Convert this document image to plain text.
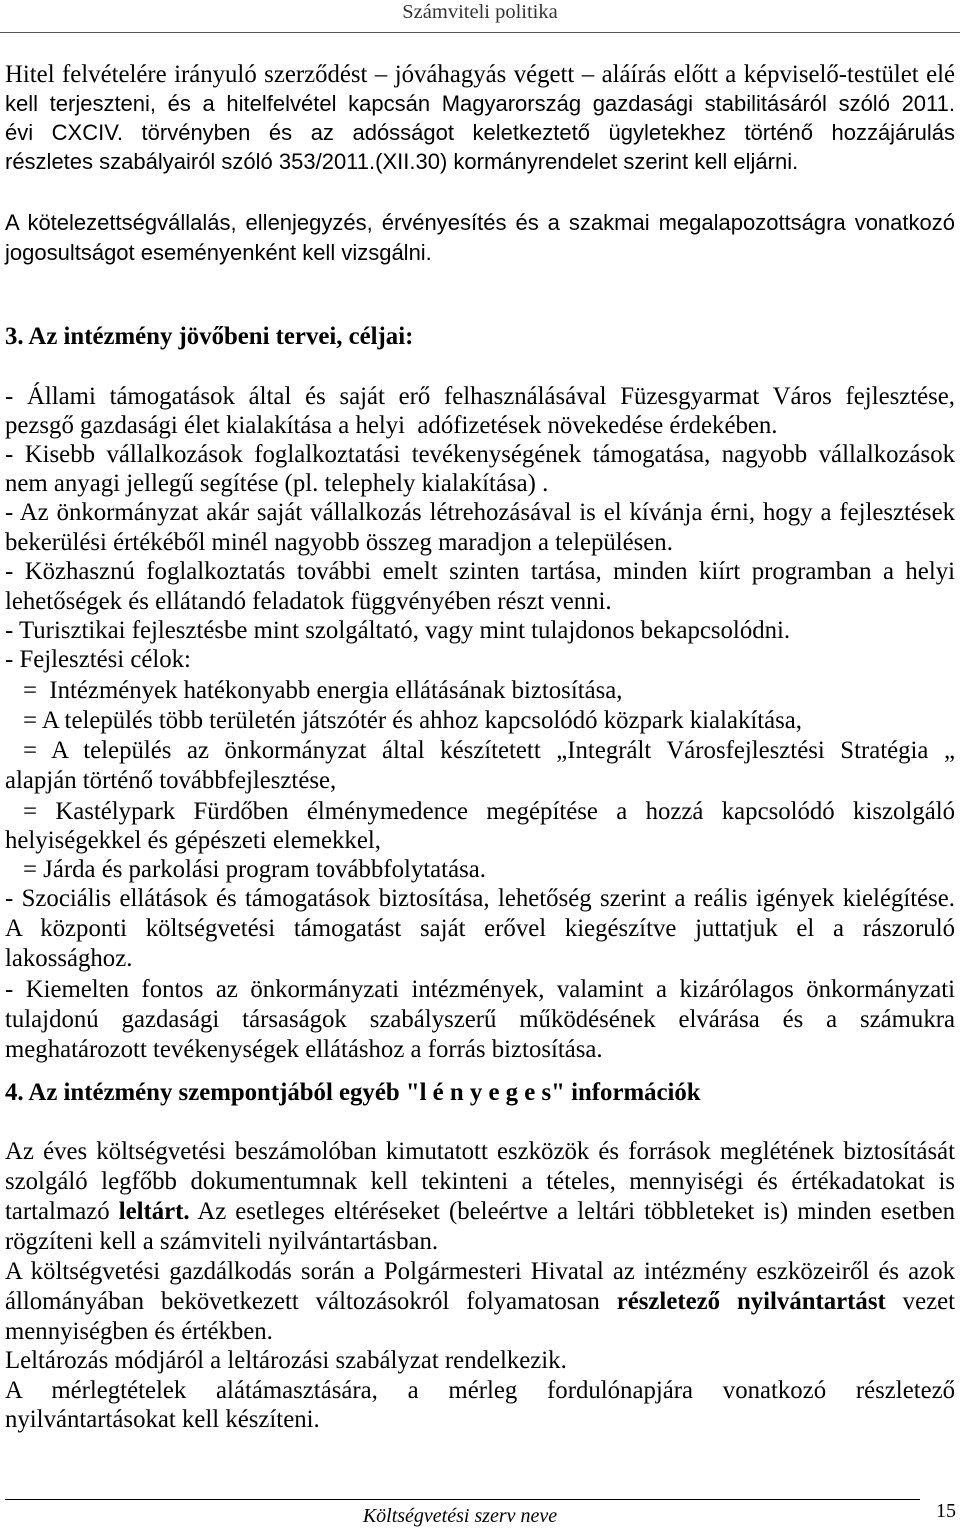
Számviteli politika
Hitel felvételére irányuló szerződést – jóváhagyás végett – aláírás előtt a képviselő-testület elé
kell terjeszteni, és a hitelfelvétel kapcsán Magyarország gazdasági stabilitásáról szóló 2011.
évi CXCIV. törvényben és az adósságot keletkeztető ügyletekhez történő hozzájárulás
részletes szabályairól szóló 353/2011.(XII.30) kormányrendelet szerint kell eljárni.
A kötelezettségvállalás, ellenjegyzés, érvényesítés és a szakmai megalapozottságra vonatkozó
jogosultságot eseményenként kell vizsgálni.
3. Az intézmény jövőbeni tervei, céljai:
- Állami támogatások által és saját erő felhasználásával Füzesgyarmat Város fejlesztése,
pezsgő gazdasági élet kialakítása a helyi  adófizetések növekedése érdekében.
- Kisebb vállalkozások foglalkoztatási tevékenységének támogatása, nagyobb vállalkozások
nem anyagi jellegű segítése (pl. telephely kialakítása) .
- Az önkormányzat akár saját vállalkozás létrehozásával is el kívánja érni, hogy a fejlesztések
bekerülési értékéből minél nagyobb összeg maradjon a településen.
- Közhasznú foglalkoztatás további emelt szinten tartása, minden kiírt programban a helyi
lehetőségek és ellátandó feladatok függvényében részt venni.
- Turisztikai fejlesztésbe mint szolgáltató, vagy mint tulajdonos bekapcsolódni.
- Fejlesztési célok:
=  Intézmények hatékonyabb energia ellátásának biztosítása,
= A település több területén játszótér és ahhoz kapcsolódó közpark kialakítása,
= A település az önkormányzat által készítetett „Integrált Városfejlesztési Stratégia „
alapján történő továbbfejlesztése,
= Kastélypark Fürdőben élménymedence megépítése a hozzá kapcsolódó kiszolgáló
helyiségekkel és gépészeti elemekkel,
= Járda és parkolási program továbbfolytatása.
- Szociális ellátások és támogatások biztosítása, lehetőség szerint a reális igények kielégítése.
A központi költségvetési támogatást saját erővel kiegészítve juttatjuk el a rászoruló
lakossághoz.
- Kiemelten fontos az önkormányzati intézmények, valamint a kizárólagos önkormányzati
tulajdonú gazdasági társaságok szabályszerű működésének elvárása és a számukra
meghatározott tevékenységek ellátáshoz a forrás biztosítása.
4. Az intézmény szempontjából egyéb "l é n y e g e s" információk
Az éves költségvetési beszámolóban kimutatott eszközök és források meglétének biztosítását
szolgáló legfőbb dokumentumnak kell tekinteni a tételes, mennyiségi és értékadatokat is
tartalmazó leltárt. Az esetleges eltéréseket (beleértve a leltári többleteket is) minden esetben
rögzíteni kell a számviteli nyilvántartásban.
A költségvetési gazdálkodás során a Polgármesteri Hivatal az intézmény eszközeiről és azok
állományában bekövetkezett változásokról folyamatosan részletező nyilvántartást vezet
mennyiségben és értékben.
Leltározás módjáról a leltározási szabályzat rendelkezik.
A mérlegtételek alátámasztására, a mérleg fordulónapjára vonatkozó részletező
nyilvántartásokat kell készíteni.
Költségvetési szerv neve	15
